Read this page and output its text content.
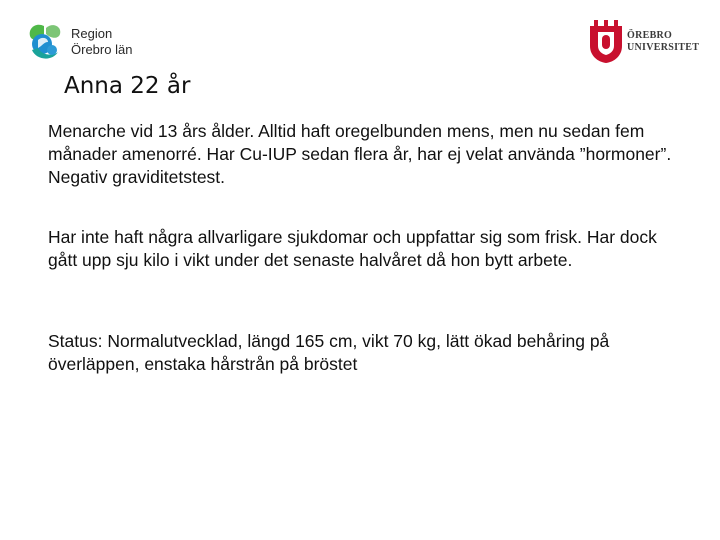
Region
Örebro län
ÖREBRO
UNIVERSITET
Anna 22 år

Menarche vid 13 års ålder. Alltid haft oregelbunden mens, men nu sedan fem månader amenorré. Har Cu-IUP sedan flera år, har ej velat använda ”hormoner”. Negativ graviditetstest.

Har inte haft några allvarligare sjukdomar och uppfattar sig som frisk. Har dock gått upp sju kilo i vikt under det senaste halvåret då hon bytt arbete.

Status: Normalutvecklad, längd 165 cm, vikt 70 kg, lätt ökad behåring på överläppen, enstaka hårstrån på bröstet
